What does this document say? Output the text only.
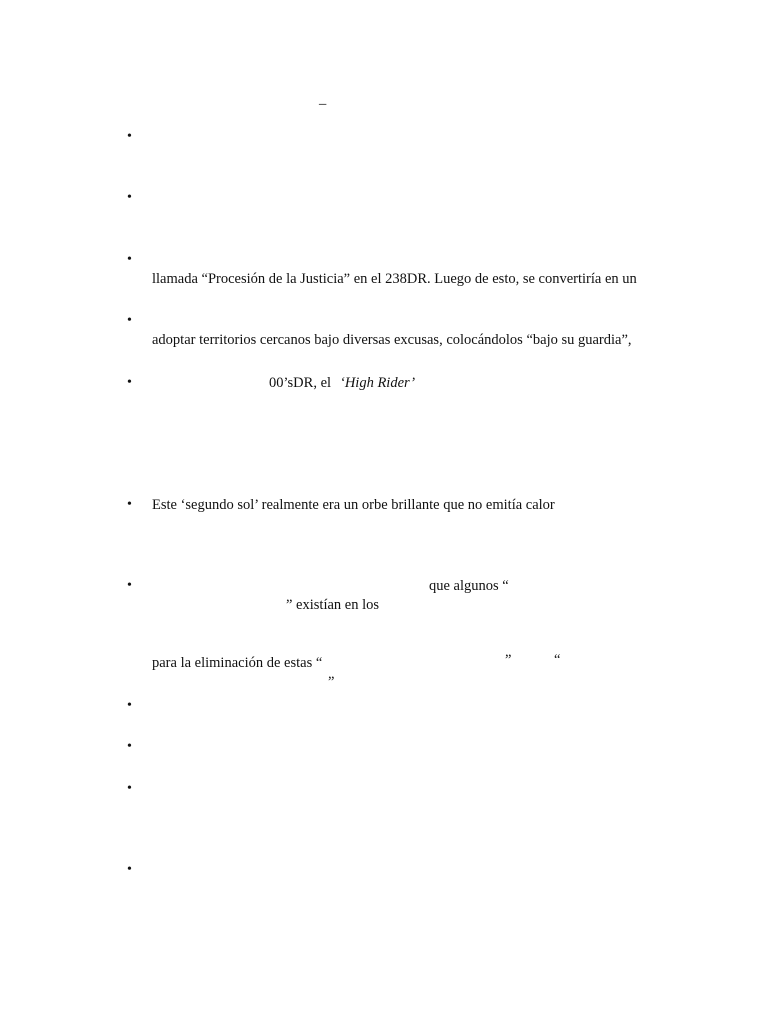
_
•
•
•
llamada “Procesión de la Justicia” en el 238DR. Luego de esto, se convertiría en un
•
adoptar territorios cercanos bajo diversas excusas, colocándolos “bajo su guardia”,
•
00’sDR, el ‘High Rider’
•
Este ‘segundo sol’ realmente era un orbe brillante que no emitía calor
•
que algunos “
” existían en los
para la eliminación de estas “	”	“
”
•
•
•
•
